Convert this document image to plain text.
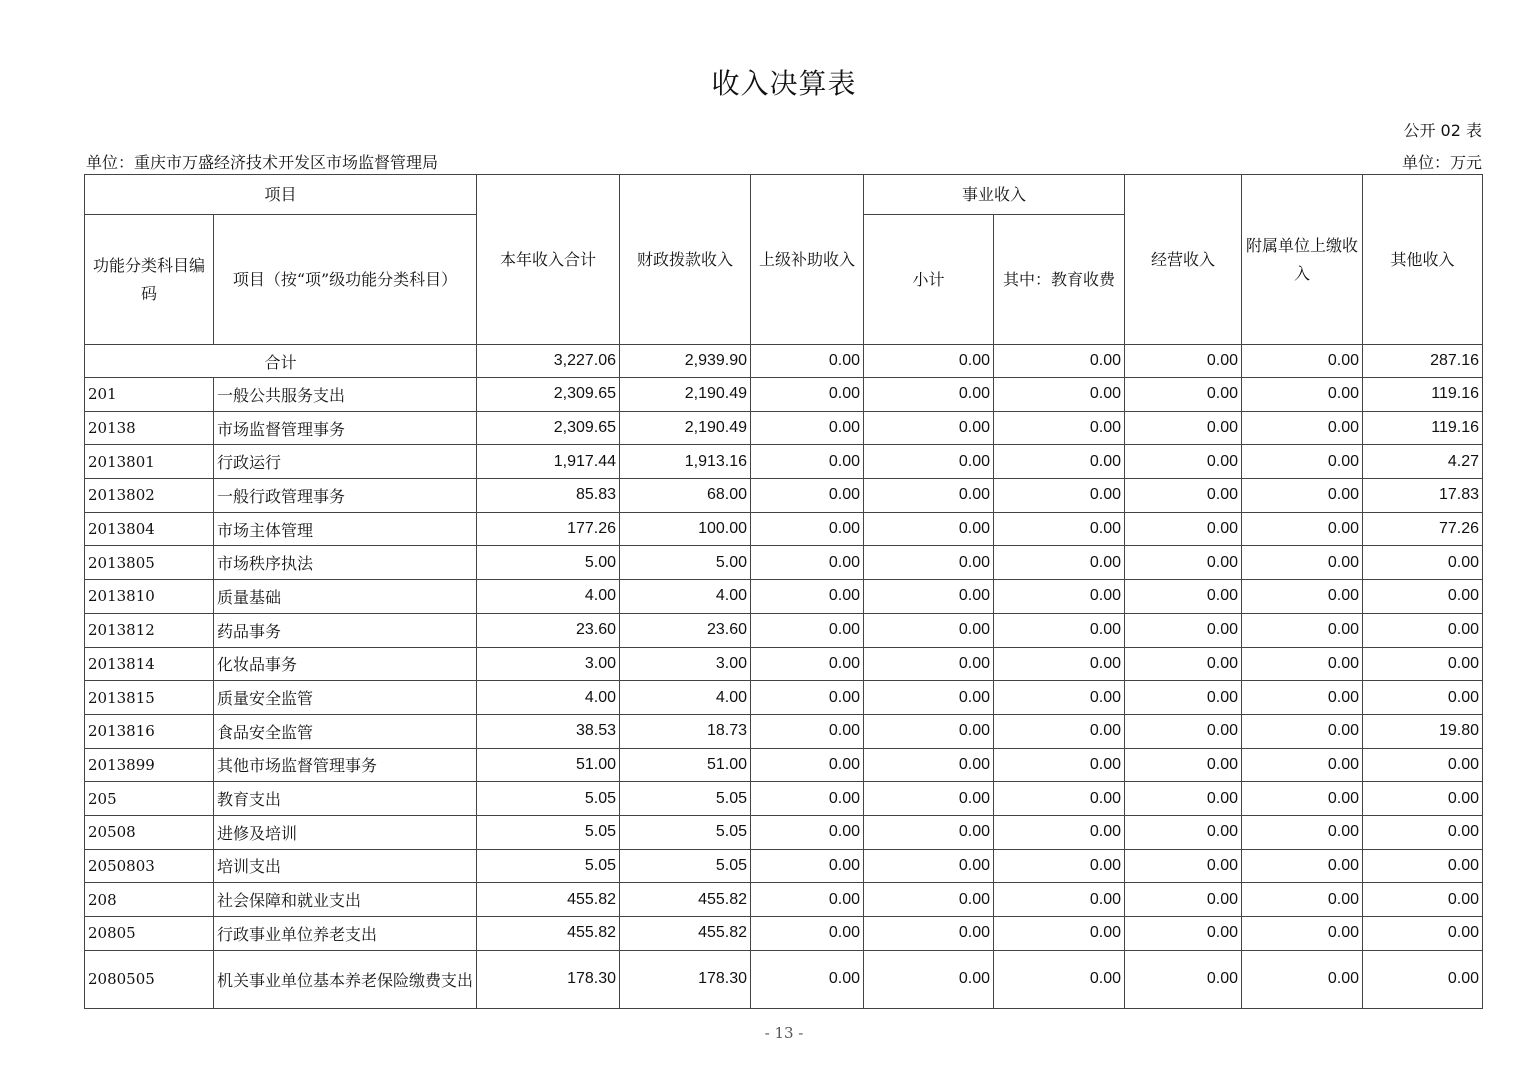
收入决算表
公开 02 表
单位：重庆市万盛经济技术开发区市场监督管理局	单位：万元
项目		本年收入合计	财政拨款收入	上级补助收入	事业收入		经营收入	附属单位上缴收入	其他收入
功能分类科目编码	项目（按“项”级功能分类科目）				小计	其中：教育收费			
合计		3,227.06	2,939.90	0.00	0.00	0.00	0.00	0.00	287.16
201	一般公共服务支出	2,309.65	2,190.49	0.00	0.00	0.00	0.00	0.00	119.16
20138	市场监督管理事务	2,309.65	2,190.49	0.00	0.00	0.00	0.00	0.00	119.16
2013801	行政运行	1,917.44	1,913.16	0.00	0.00	0.00	0.00	0.00	4.27
2013802	一般行政管理事务	85.83	68.00	0.00	0.00	0.00	0.00	0.00	17.83
2013804	市场主体管理	177.26	100.00	0.00	0.00	0.00	0.00	0.00	77.26
2013805	市场秩序执法	5.00	5.00	0.00	0.00	0.00	0.00	0.00	0.00
2013810	质量基础	4.00	4.00	0.00	0.00	0.00	0.00	0.00	0.00
2013812	药品事务	23.60	23.60	0.00	0.00	0.00	0.00	0.00	0.00
2013814	化妆品事务	3.00	3.00	0.00	0.00	0.00	0.00	0.00	0.00
2013815	质量安全监管	4.00	4.00	0.00	0.00	0.00	0.00	0.00	0.00
2013816	食品安全监管	38.53	18.73	0.00	0.00	0.00	0.00	0.00	19.80
2013899	其他市场监督管理事务	51.00	51.00	0.00	0.00	0.00	0.00	0.00	0.00
205	教育支出	5.05	5.05	0.00	0.00	0.00	0.00	0.00	0.00
20508	进修及培训	5.05	5.05	0.00	0.00	0.00	0.00	0.00	0.00
2050803	培训支出	5.05	5.05	0.00	0.00	0.00	0.00	0.00	0.00
208	社会保障和就业支出	455.82	455.82	0.00	0.00	0.00	0.00	0.00	0.00
20805	行政事业单位养老支出	455.82	455.82	0.00	0.00	0.00	0.00	0.00	0.00
2080505	机关事业单位基本养老保险缴费支出	178.30	178.30	0.00	0.00	0.00	0.00	0.00	0.00
- 13 -
